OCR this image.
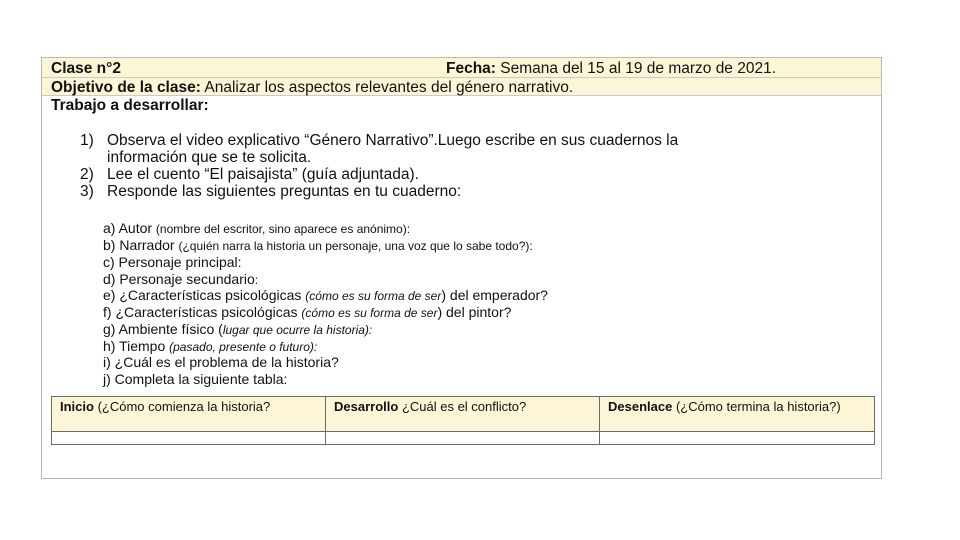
Clase n°2	Fecha: Semana del 15 al 19 de marzo de 2021.
Objetivo de la clase: Analizar los aspectos relevantes del género narrativo.
Trabajo a desarrollar:
1) Observa el video explicativo “Género Narrativo”.Luego escribe en sus cuadernos la
información que se te solicita.
2) Lee el cuento “El paisajista” (guía adjuntada).
3) Responde las siguientes preguntas en tu cuaderno:
a) Autor (nombre del escritor, sino aparece es anónimo):
b) Narrador (¿quién narra la historia un personaje, una voz que lo sabe todo?):
c) Personaje principal:
d) Personaje secundario:
e) ¿Características psicológicas (cómo es su forma de ser) del emperador?
f) ¿Características psicológicas (cómo es su forma de ser) del pintor?
g) Ambiente físico (lugar que ocurre la historia):
h) Tiempo (pasado, presente o futuro):
i) ¿Cuál es el problema de la historia?
j) Completa la siguiente tabla:
Inicio (¿Cómo comienza la historia?	Desarrollo ¿Cuál es el conflicto?	Desenlace (¿Cómo termina la historia?)
